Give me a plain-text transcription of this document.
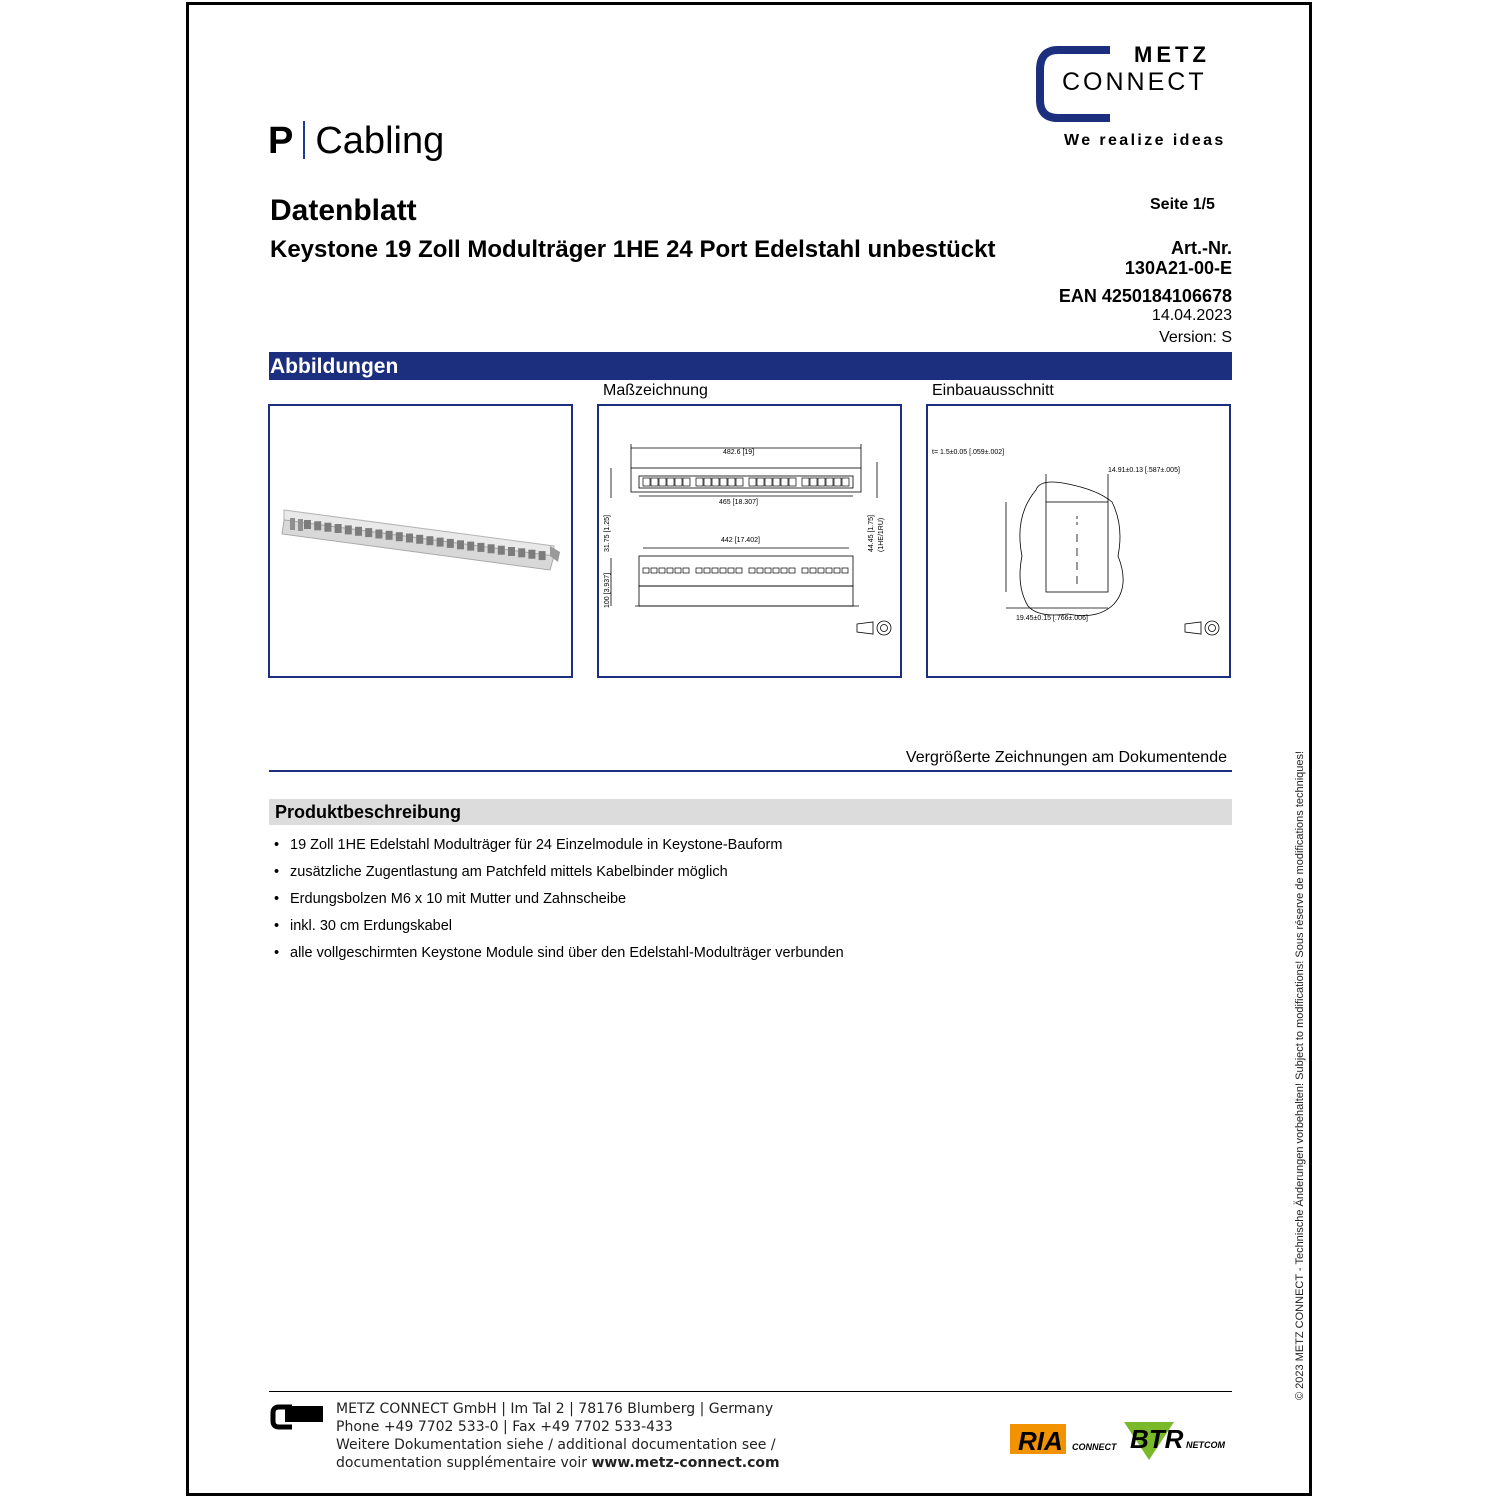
P Cabling
METZ
CONNECT
We realize ideas
Datenblatt
Keystone 19 Zoll Modulträger 1HE 24 Port Edelstahl unbestückt
Seite 1/5
Art.-Nr.
130A21-00-E
EAN 4250184106678
14.04.2023
Version: S
Abbildungen
Maßzeichnung	Einbauausschnitt
482.6 [19]
465 [18.307]
442 [17.402]
31.75 [1.25]	44.45 [1.75] (1HE/1RU)
100 [3.937]
t= 1.5±0.05 [.059±.002]
14.91±0.13 [.587±.005]
19.45±0.15 [.766±.006]
Vergrößerte Zeichnungen am Dokumentende
Produktbeschreibung
• 19 Zoll 1HE Edelstahl Modulträger für 24 Einzelmodule in Keystone-Bauform
• zusätzliche Zugentlastung am Patchfeld mittels Kabelbinder möglich
• Erdungsbolzen M6 x 10 mit Mutter und Zahnscheibe
• inkl. 30 cm Erdungskabel
• alle vollgeschirmten Keystone Module sind über den Edelstahl-Modulträger verbunden	© 2023 METZ CONNECT - Technische Änderungen vorbehalten! Subject to modifications! Sous réserve de modifications techniques!
METZ CONNECT GmbH | Im Tal 2 | 78176 Blumberg | Germany
Phone +49 7702 533-0 | Fax +49 7702 533-433
Weitere Dokumentation siehe / additional documentation see /
documentation supplémentaire voir www.metz-connect.com
RIA CONNECT BTR NETCOM
